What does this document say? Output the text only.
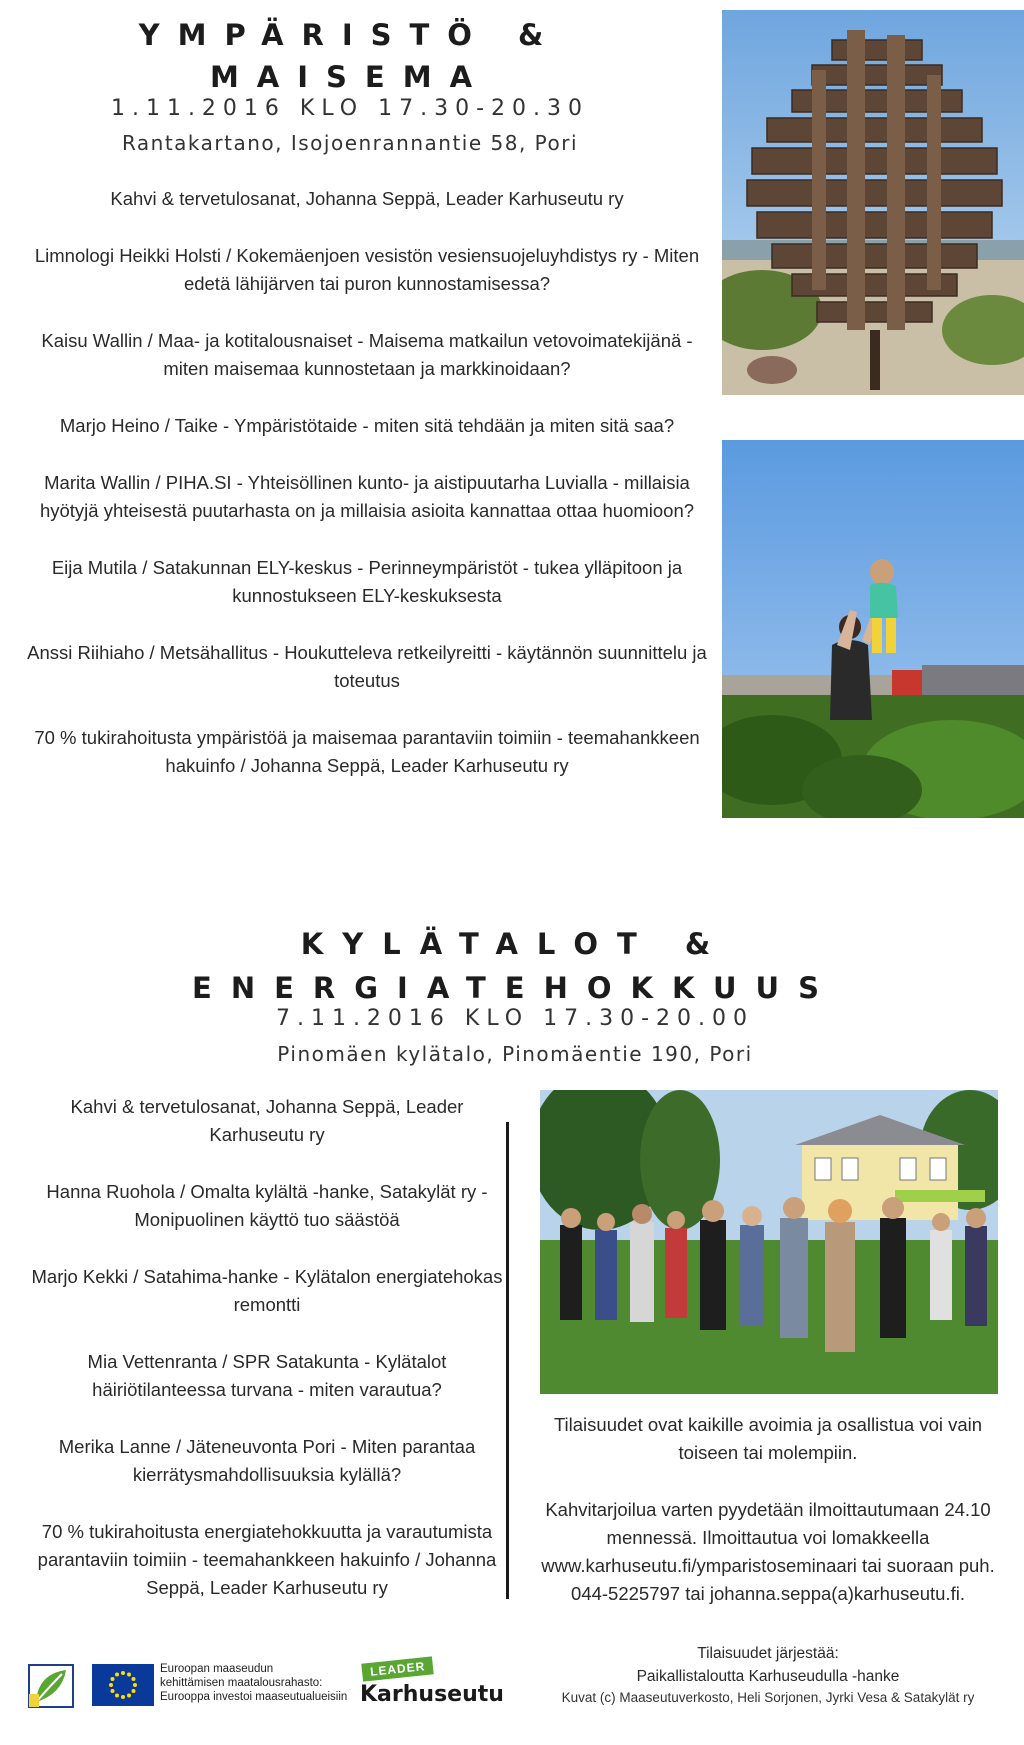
YMPÄRISTÖ &
MAISEMA
1.11.2016 KLO 17.30-20.30
Rantakartano, Isojoenrannantie 58, Pori

Kahvi & tervetulosanat, Johanna Seppä, Leader Karhuseutu ry

Limnologi Heikki Holsti / Kokemäenjoen vesistön vesiensuojeluyhdistys ry - Miten edetä lähijärven tai puron kunnostamisessa?

Kaisu Wallin / Maa- ja kotitalousnaiset - Maisema matkailun vetovoimatekijänä - miten maisemaa kunnostetaan ja markkinoidaan?

Marjo Heino / Taike - Ympäristötaide - miten sitä tehdään ja miten sitä saa?

Marita Wallin / PIHA.SI - Yhteisöllinen kunto- ja aistipuutarha Luvialla - millaisia hyötyjä yhteisestä puutarhasta on ja millaisia asioita kannattaa ottaa huomioon?

Eija Mutila / Satakunnan ELY-keskus - Perinneympäristöt - tukea ylläpitoon ja kunnostukseen ELY-keskuksesta

Anssi Riihiaho / Metsähallitus - Houkutteleva retkeilyreitti - käytännön suunnittelu ja toteutus

70 % tukirahoitusta ympäristöä ja maisemaa parantaviin toimiin - teemahankkeen hakuinfo / Johanna Seppä, Leader Karhuseutu ry

KYLÄTALOT &
ENERGIATEHOKKUUS
7.11.2016 KLO 17.30-20.00
Pinomäen kylätalo, Pinomäentie 190, Pori

Kahvi & tervetulosanat, Johanna Seppä, Leader Karhuseutu ry

Hanna Ruohola / Omalta kylältä -hanke, Satakylät ry - Monipuolinen käyttö tuo säästöä

Marjo Kekki / Satahima-hanke - Kylätalon energiatehokas remontti

Mia Vettenranta / SPR Satakunta - Kylätalot häiriötilanteessa turvana - miten varautua?

Merika Lanne / Jäteneuvonta Pori - Miten parantaa kierrätysmahdollisuuksia kylällä?

70 % tukirahoitusta energiatehokkuutta ja varautumista parantaviin toimiin - teemahankkeen hakuinfo / Johanna Seppä, Leader Karhuseutu ry

Tilaisuudet ovat kaikille avoimia ja osallistua voi vain toiseen tai molempiin.

Kahvitarjoilua varten pyydetään ilmoittautumaan 24.10 mennessä. Ilmoittautua voi lomakkeella www.karhuseutu.fi/ymparistoseminaari tai suoraan puh. 044-5225797 tai johanna.seppa(a)karhuseutu.fi.

Tilaisuudet järjestää:
Paikallistaloutta Karhuseudulla -hanke
Kuvat (c) Maaseutuverkosto, Heli Sorjonen, Jyrki Vesa & Satakylät ry
Euroopan maaseudun
kehittämisen maatalousrahasto:
Eurooppa investoi maaseutualueisiin
LEADER
Karhuseutu
